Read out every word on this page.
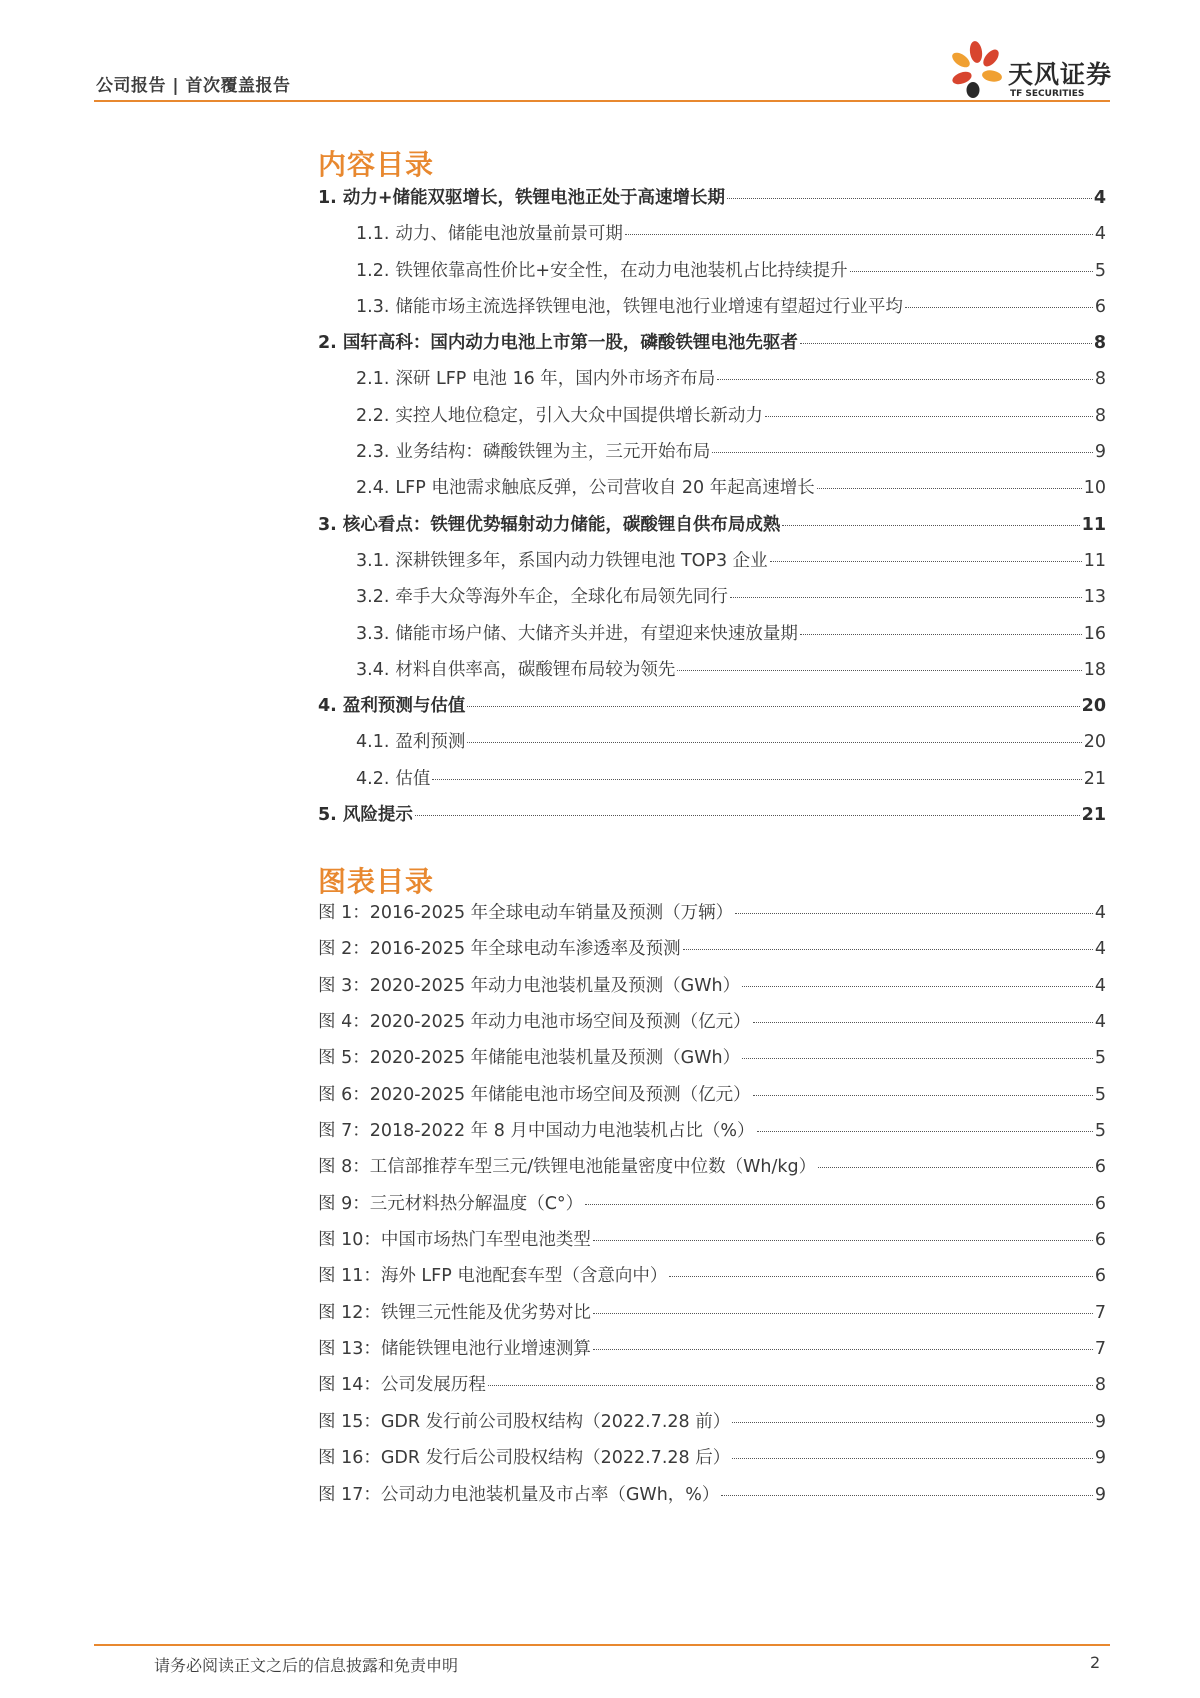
公司报告 | 首次覆盖报告	天风证券
TF SECURITIES
内容目录
1. 动力+储能双驱增长，铁锂电池正处于高速增长期	4
1.1. 动力、储能电池放量前景可期	4
1.2. 铁锂依靠高性价比+安全性，在动力电池装机占比持续提升	5
1.3. 储能市场主流选择铁锂电池，铁锂电池行业增速有望超过行业平均	6
2. 国轩高科：国内动力电池上市第一股，磷酸铁锂电池先驱者	8
2.1. 深研 LFP 电池 16 年，国内外市场齐布局	8
2.2. 实控人地位稳定，引入大众中国提供增长新动力	8
2.3. 业务结构：磷酸铁锂为主，三元开始布局	9
2.4. LFP 电池需求触底反弹，公司营收自 20 年起高速增长	10
3. 核心看点：铁锂优势辐射动力储能，碳酸锂自供布局成熟	11
3.1. 深耕铁锂多年，系国内动力铁锂电池 TOP3 企业	11
3.2. 牵手大众等海外车企，全球化布局领先同行	13
3.3. 储能市场户储、大储齐头并进，有望迎来快速放量期	16
3.4. 材料自供率高，碳酸锂布局较为领先	18
4. 盈利预测与估值	20
4.1. 盈利预测	20
4.2. 估值	21
5. 风险提示	21
图表目录
图 1：2016-2025 年全球电动车销量及预测（万辆）	4
图 2：2016-2025 年全球电动车渗透率及预测	4
图 3：2020-2025 年动力电池装机量及预测（GWh）	4
图 4：2020-2025 年动力电池市场空间及预测（亿元）	4
图 5：2020-2025 年储能电池装机量及预测（GWh）	5
图 6：2020-2025 年储能电池市场空间及预测（亿元）	5
图 7：2018-2022 年 8 月中国动力电池装机占比（%）	5
图 8：工信部推荐车型三元/铁锂电池能量密度中位数（Wh/kg）	6
图 9：三元材料热分解温度（C°）	6
图 10：中国市场热门车型电池类型	6
图 11：海外 LFP 电池配套车型（含意向中）	6
图 12：铁锂三元性能及优劣势对比	7
图 13：储能铁锂电池行业增速测算	7
图 14：公司发展历程	8
图 15：GDR 发行前公司股权结构（2022.7.28 前）	9
图 16：GDR 发行后公司股权结构（2022.7.28 后）	9
图 17：公司动力电池装机量及市占率（GWh，%）	9
请务必阅读正文之后的信息披露和免责申明	2
